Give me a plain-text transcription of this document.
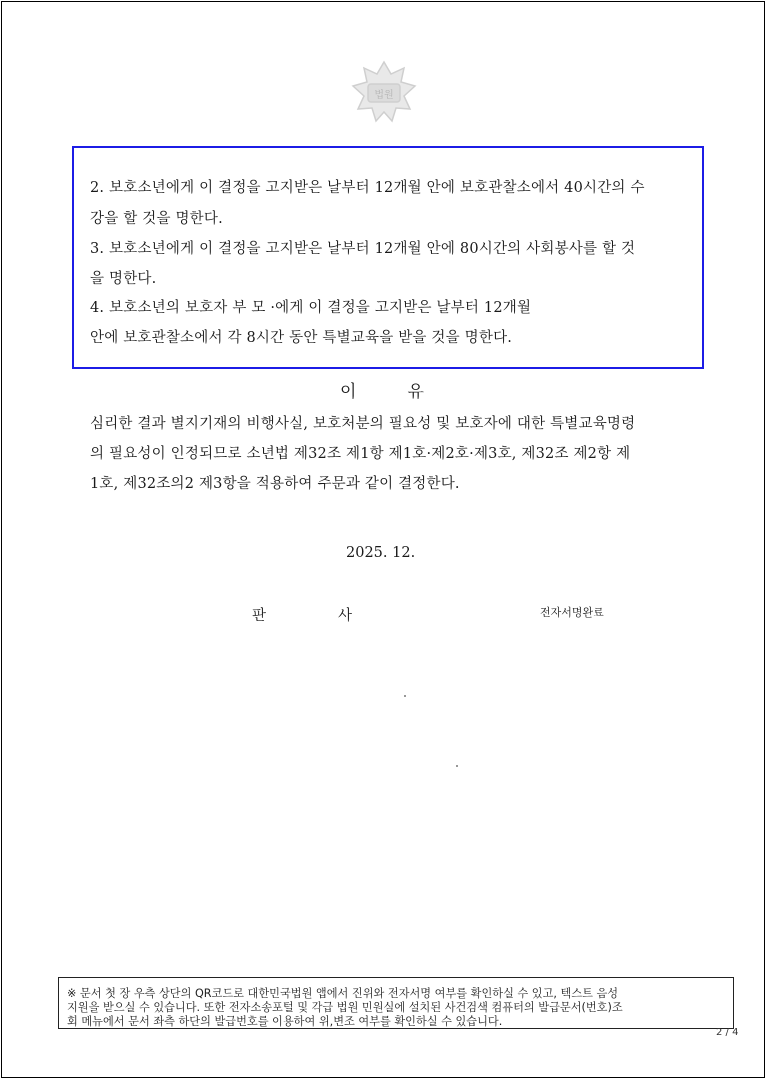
법원
2. 보호소년에게 이 결정을 고지받은 날부터 12개월 안에 보호관찰소에서 40시간의 수
강을 할 것을 명한다.
3. 보호소년에게 이 결정을 고지받은 날부터 12개월 안에 80시간의 사회봉사를 할 것
을 명한다.
4. 보호소년의 보호자 부 모 ·에게 이 결정을 고지받은 날부터 12개월
안에 보호관찰소에서 각 8시간 동안 특별교육을 받을 것을 명한다.
이	유
심리한 결과 별지기재의 비행사실, 보호처분의 필요성 및 보호자에 대한 특별교육명령
의 필요성이 인정되므로 소년법 제32조 제1항 제1호·제2호·제3호, 제32조 제2항 제
1호, 제32조의2 제3항을 적용하여 주문과 같이 결정한다.
2025. 12.
판	사	전자서명완료
※ 문서 첫 장 우측 상단의 QR코드로 대한민국법원 앱에서 진위와 전자서명 여부를 확인하실 수 있고, 텍스트 음성
지원을 받으실 수 있습니다. 또한 전자소송포털 및 각급 법원 민원실에 설치된 사건검색 컴퓨터의 발급문서(번호)조
회 메뉴에서 문서 좌측 하단의 발급번호를 이용하여 위,변조 여부를 확인하실 수 있습니다.
2 / 4
